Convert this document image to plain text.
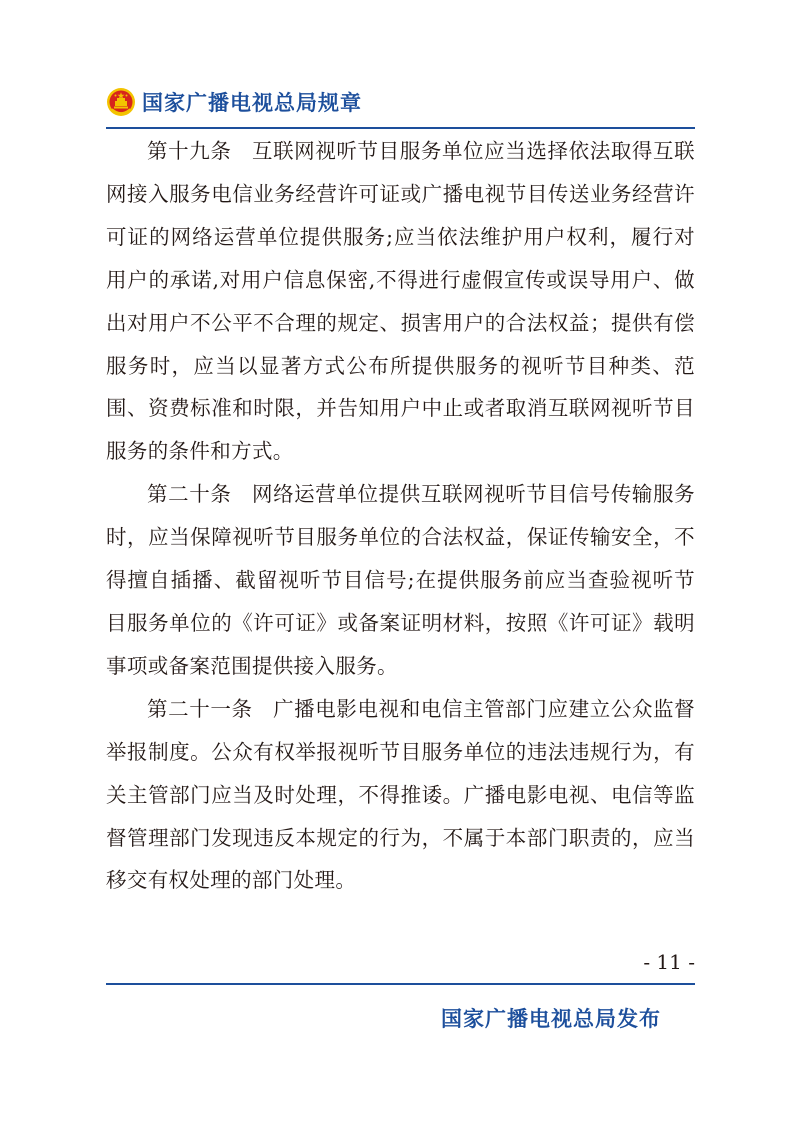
国家广播电视总局规章

第十九条 互联网视听节目服务单位应当选择依法取得互联网接入服务电信业务经营许可证或广播电视节目传送业务经营许可证的网络运营单位提供服务;应当依法维护用户权利，履行对用户的承诺,对用户信息保密,不得进行虚假宣传或误导用户、做出对用户不公平不合理的规定、损害用户的合法权益；提供有偿服务时，应当以显著方式公布所提供服务的视听节目种类、范围、资费标准和时限，并告知用户中止或者取消互联网视听节目服务的条件和方式。

第二十条 网络运营单位提供互联网视听节目信号传输服务时，应当保障视听节目服务单位的合法权益，保证传输安全，不得擅自插播、截留视听节目信号;在提供服务前应当查验视听节目服务单位的《许可证》或备案证明材料，按照《许可证》载明事项或备案范围提供接入服务。

第二十一条 广播电影电视和电信主管部门应建立公众监督举报制度。公众有权举报视听节目服务单位的违法违规行为，有关主管部门应当及时处理，不得推诿。广播电影电视、电信等监督管理部门发现违反本规定的行为，不属于本部门职责的，应当移交有权处理的部门处理。

- 11 -
国家广播电视总局发布
